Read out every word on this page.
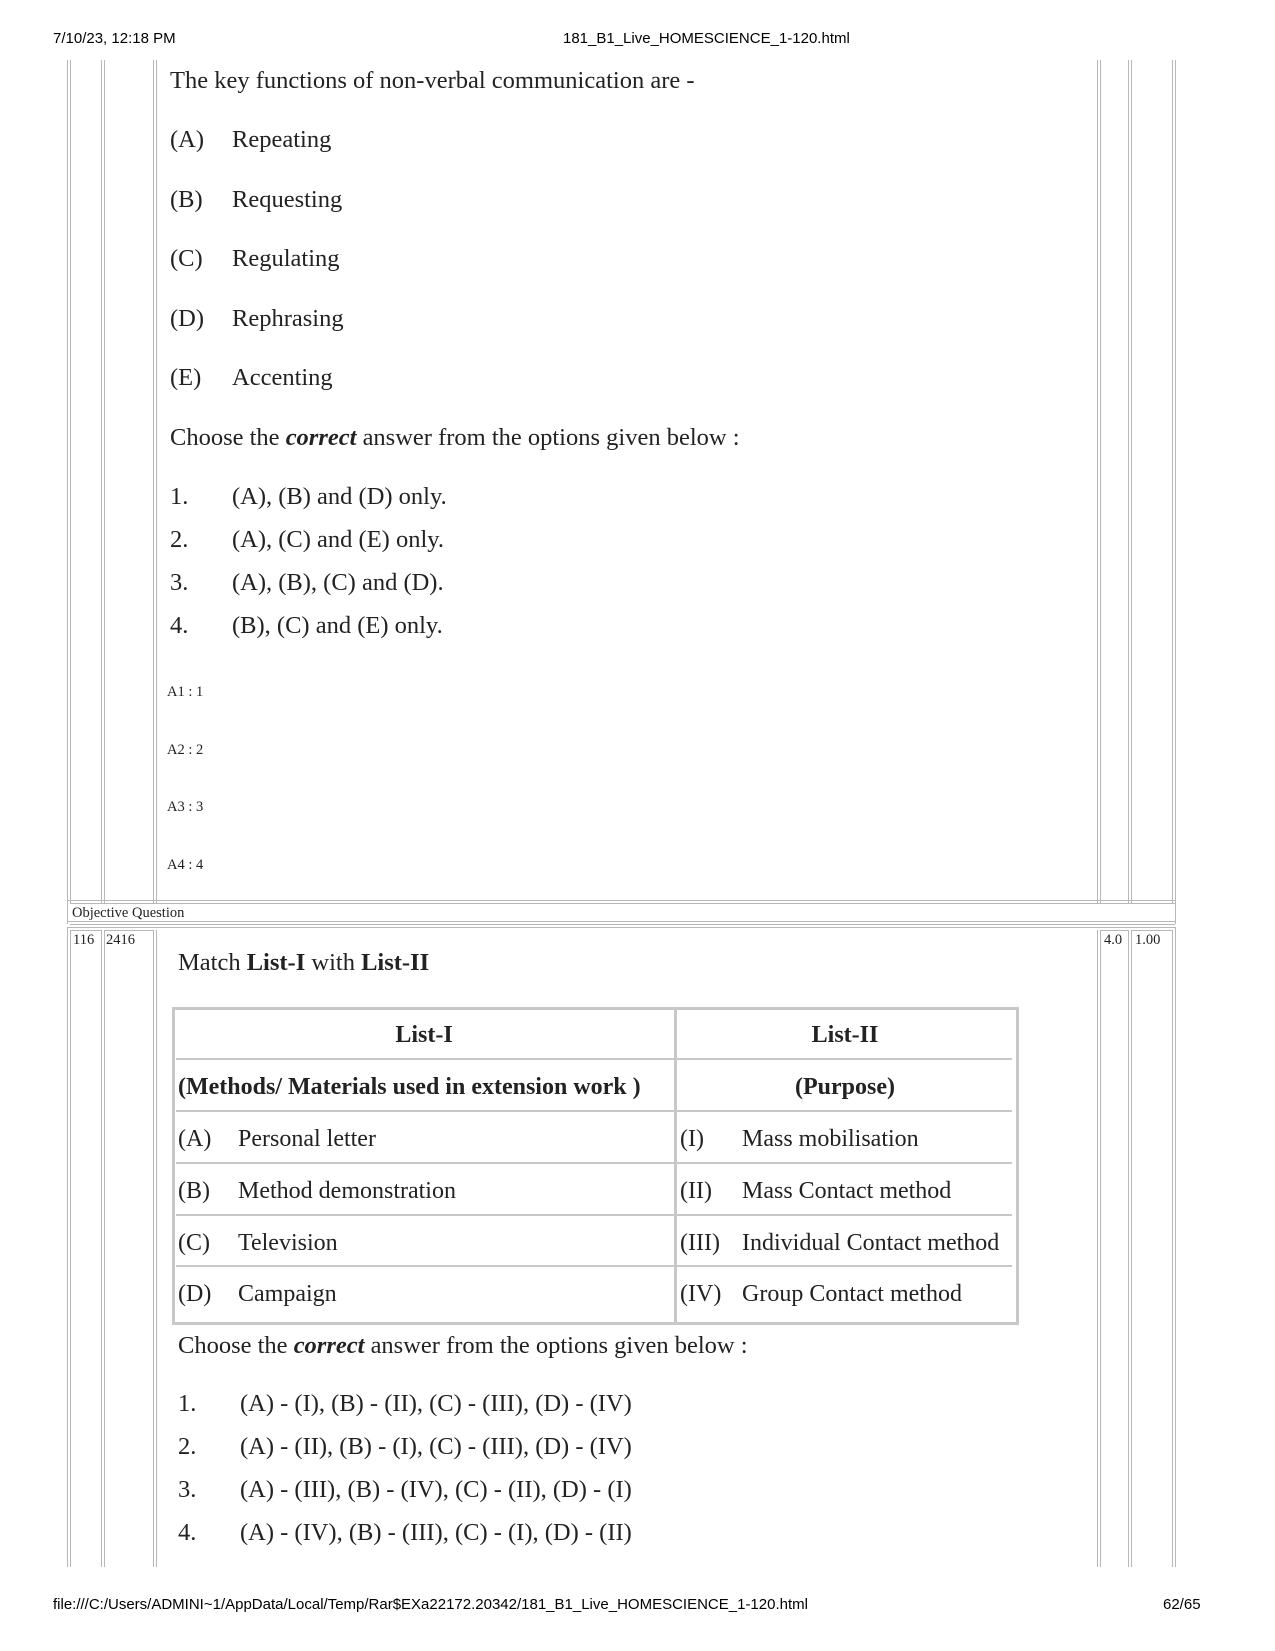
7/10/23, 12:18 PM	181_B1_Live_HOMESCIENCE_1-120.html
file:///C:/Users/ADMINI~1/AppData/Local/Temp/Rar$EXa22172.20342/181_B1_Live_HOMESCIENCE_1-120.html	62/65
The key functions of non-verbal communication are -
(A) Repeating
(B) Requesting
(C) Regulating
(D) Rephrasing
(E) Accenting
Choose the correct answer from the options given below :
1. (A), (B) and (D) only.
2. (A), (C) and (E) only.
3. (A), (B), (C) and (D).
4. (B), (C) and (E) only.
A1 : 1
A2 : 2
A3 : 3
A4 : 4
Objective Question
116 2416	4.0 1.00
Match List-I with List-II
List-I	List-II
(Methods/ Materials used in extension work )	(Purpose)
(A) Personal letter	(I) Mass mobilisation
(B) Method demonstration	(II) Mass Contact method
(C) Television	(III) Individual Contact method
(D) Campaign	(IV) Group Contact method
Choose the correct answer from the options given below :
1. (A) - (I), (B) - (II), (C) - (III), (D) - (IV)
2. (A) - (II), (B) - (I), (C) - (III), (D) - (IV)
3. (A) - (III), (B) - (IV), (C) - (II), (D) - (I)
4. (A) - (IV), (B) - (III), (C) - (I), (D) - (II)
